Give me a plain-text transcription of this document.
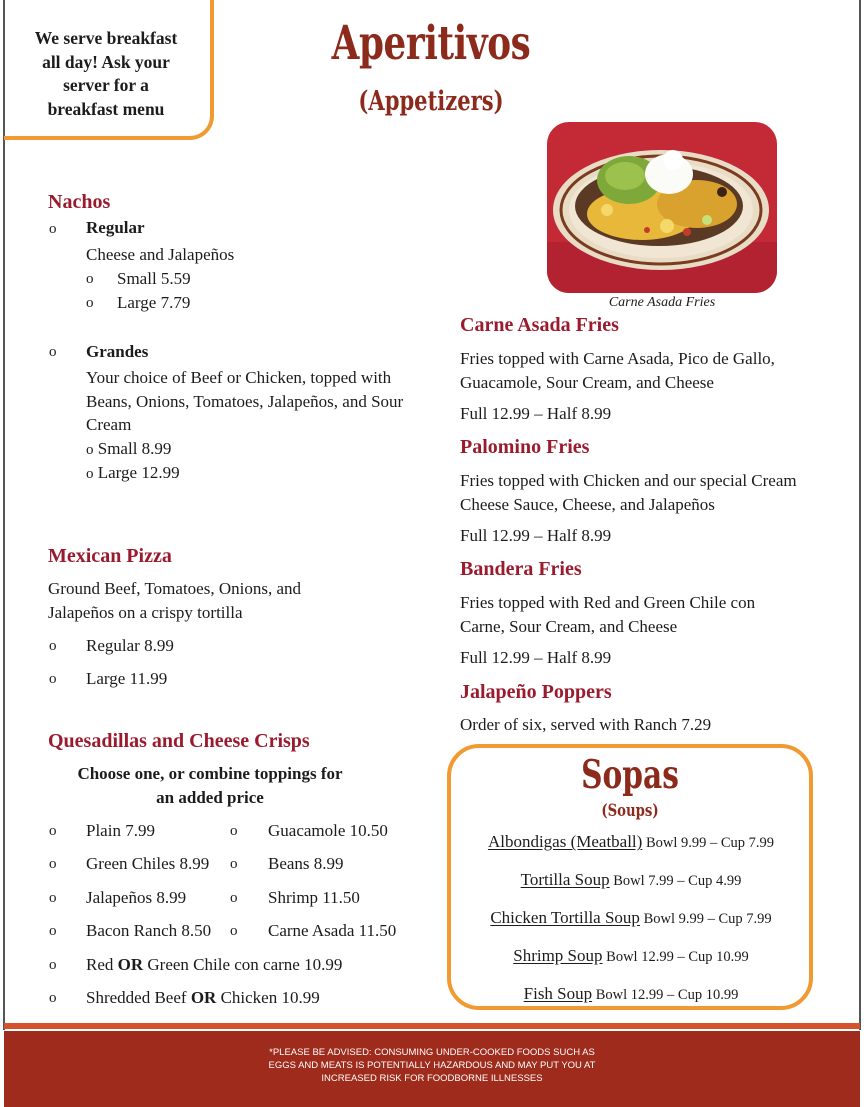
We serve breakfast
all day! Ask your
server for a
breakfast menu
Aperitivos
(Appetizers)
Carne Asada Fries
Nachos
o Regular
Cheese and Jalapeños
o Small 5.59
o Large 7.79
o Grandes
Your choice of Beef or Chicken, topped with
Beans, Onions, Tomatoes, Jalapeños, and Sour
Cream
o Small 8.99
o Large 12.99
Mexican Pizza
Ground Beef, Tomatoes, Onions, and
Jalapeños on a crispy tortilla
o Regular 8.99
o Large 11.99
Quesadillas and Cheese Crisps
Choose one, or combine toppings for
an added price
o Plain 7.99	o Guacamole 10.50
o Green Chiles 8.99 o Beans 8.99
o Jalapeños 8.99	o Shrimp 11.50
o Bacon Ranch 8.50 o Carne Asada 11.50
o Red OR Green Chile con carne 10.99
o Shredded Beef OR Chicken 10.99
Carne Asada Fries
Fries topped with Carne Asada, Pico de Gallo,
Guacamole, Sour Cream, and Cheese
Full 12.99 – Half 8.99
Palomino Fries
Fries topped with Chicken and our special Cream
Cheese Sauce, Cheese, and Jalapeños
Full 12.99 – Half 8.99
Bandera Fries
Fries topped with Red and Green Chile con
Carne, Sour Cream, and Cheese
Full 12.99 – Half 8.99
Jalapeño Poppers
Order of six, served with Ranch 7.29
Sopas
(Soups)
Albondigas (Meatball) Bowl 9.99 – Cup 7.99
Tortilla Soup Bowl 7.99 – Cup 4.99
Chicken Tortilla Soup Bowl 9.99 – Cup 7.99
Shrimp Soup Bowl 12.99 – Cup 10.99
Fish Soup Bowl 12.99 – Cup 10.99
*PLEASE BE ADVISED: CONSUMING UNDER-COOKED FOODS SUCH AS
EGGS AND MEATS IS POTENTIALLY HAZARDOUS AND MAY PUT YOU AT
INCREASED RISK FOR FOODBORNE ILLNESSES
